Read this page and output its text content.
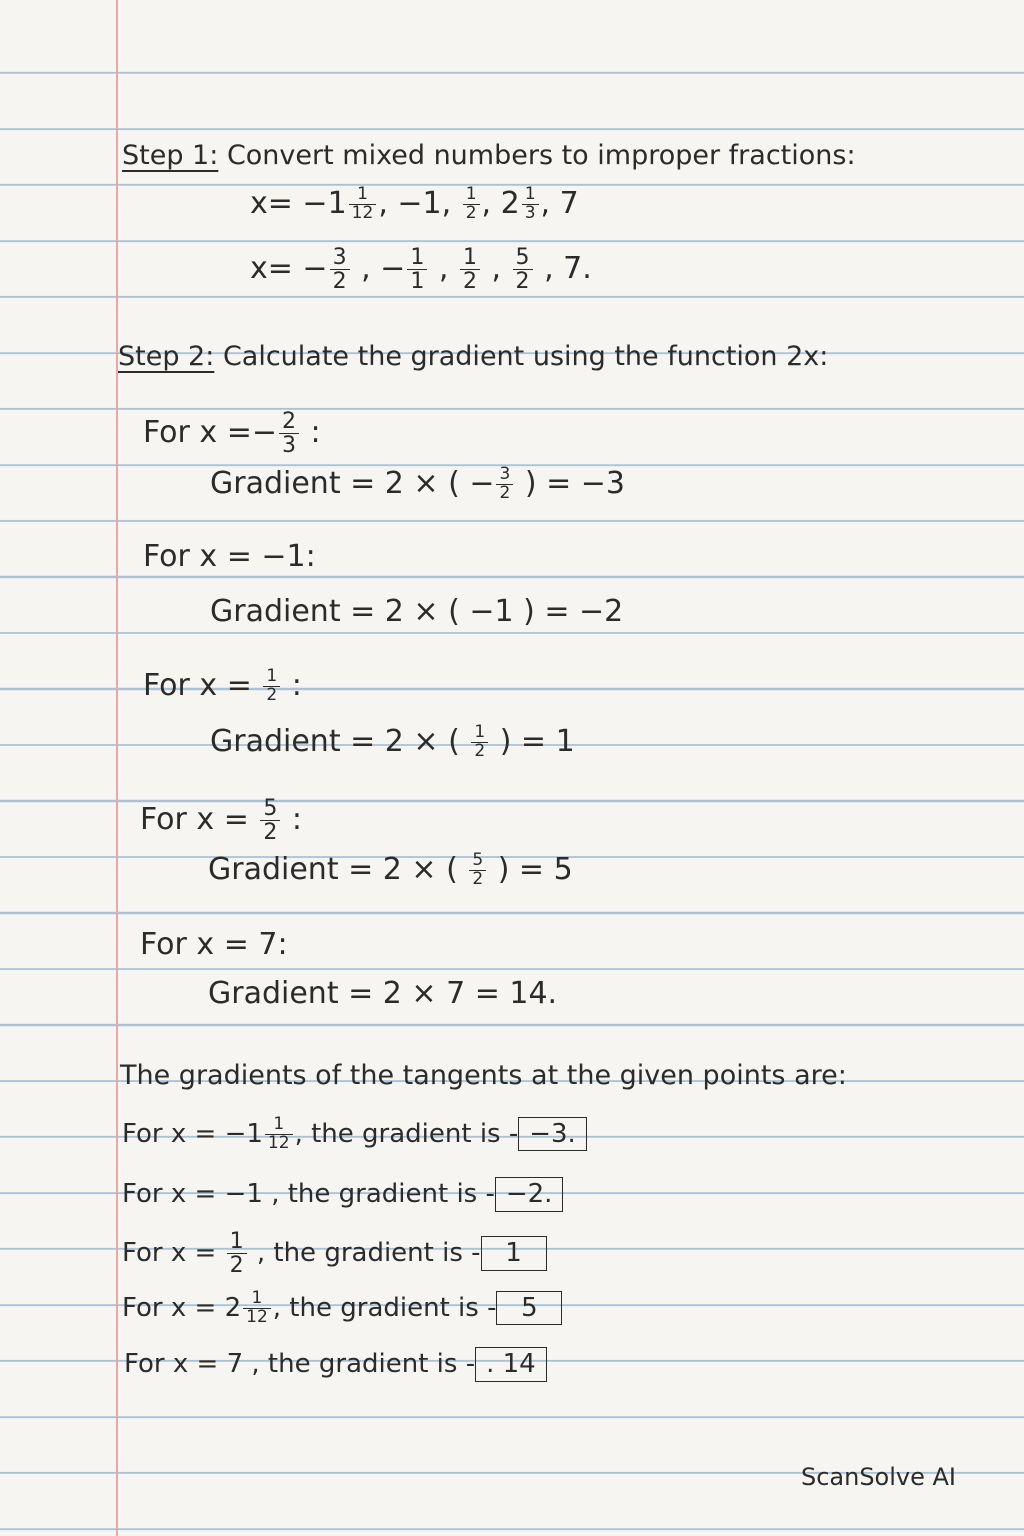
Step 1: Convert mixed numbers to improper fractions:
$x= -1 \frac{1}{12}$ , −1, $\frac{1}{2}$ , $2 \frac{1}{3}$ , 7
$x= - \frac{3}{2}$ , − $\frac{1}{1}$ , $\frac{1}{2}$ , $\frac{5}{2}$ , 7.
Step 2: Calculate the gradient using the function 2x:
For $x =- \frac{2}{3}$ :
Gradient = 2 × ( − $\frac{3}{2}$ ) = −3
For x = −1:
Gradient = 2 × ( −1 ) = −2
For $x = \frac{1}{2}$ :
Gradient = 2 × ( $\frac{1}{2}$ ) = 1
For $x = \frac{5}{2}$ :
Gradient = 2 × ( $\frac{5}{2}$ ) = 5
For x = 7:
Gradient = 2 × 7 = 14.
The gradients of the tangents at the given points are:
For $x = -1 \frac{1}{12}$ , the gradient is - −3.
For x = −1 , the gradient is - −2.
For $x = \frac{1}{2}$ , the gradient is - 1
For $x = 2 \frac{1}{12}$ , the gradient is - 5
For x = 7 , the gradient is - . 14
ScanSolve AI
